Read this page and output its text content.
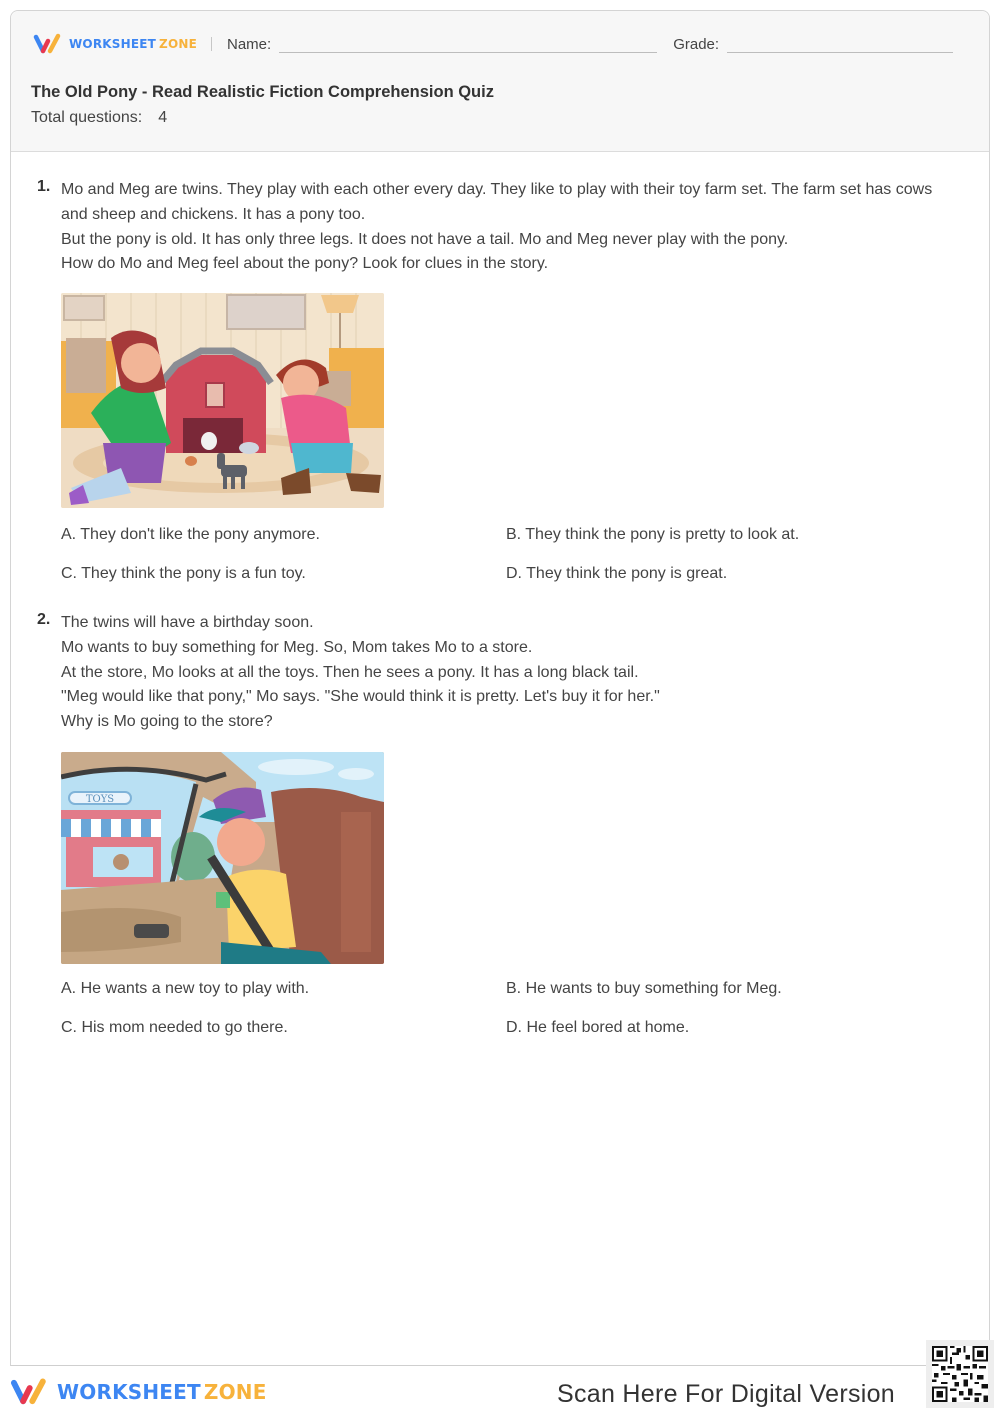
WORKSHEET ZONE Name:	Grade:
The Old Pony - Read Realistic Fiction Comprehension Quiz
Total questions: 4
1. Mo and Meg are twins. They play with each other every day. They like to play with their toy farm set. The farm set has cows and sheep and chickens. It has a pony too.

But the pony is old. It has only three legs. It does not have a tail. Mo and Meg never play with the pony.

How do Mo and Meg feel about the pony? Look for clues in the story.

A. They don't like the pony anymore.	B. They think the pony is pretty to look at.
C. They think the pony is a fun toy.	D. They think the pony is great.
2. The twins will have a birthday soon.

Mo wants to buy something for Meg. So, Mom takes Mo to a store.

At the store, Mo looks at all the toys. Then he sees a pony. It has a long black tail.

"Meg would like that pony," Mo says. "She would think it is pretty. Let's buy it for her."

Why is Mo going to the store?

TOYS
A. He wants a new toy to play with.	B. He wants to buy something for Meg.
C. His mom needed to go there.	D. He feel bored at home.
WORKSHEET ZONE	Scan Here For Digital Version
